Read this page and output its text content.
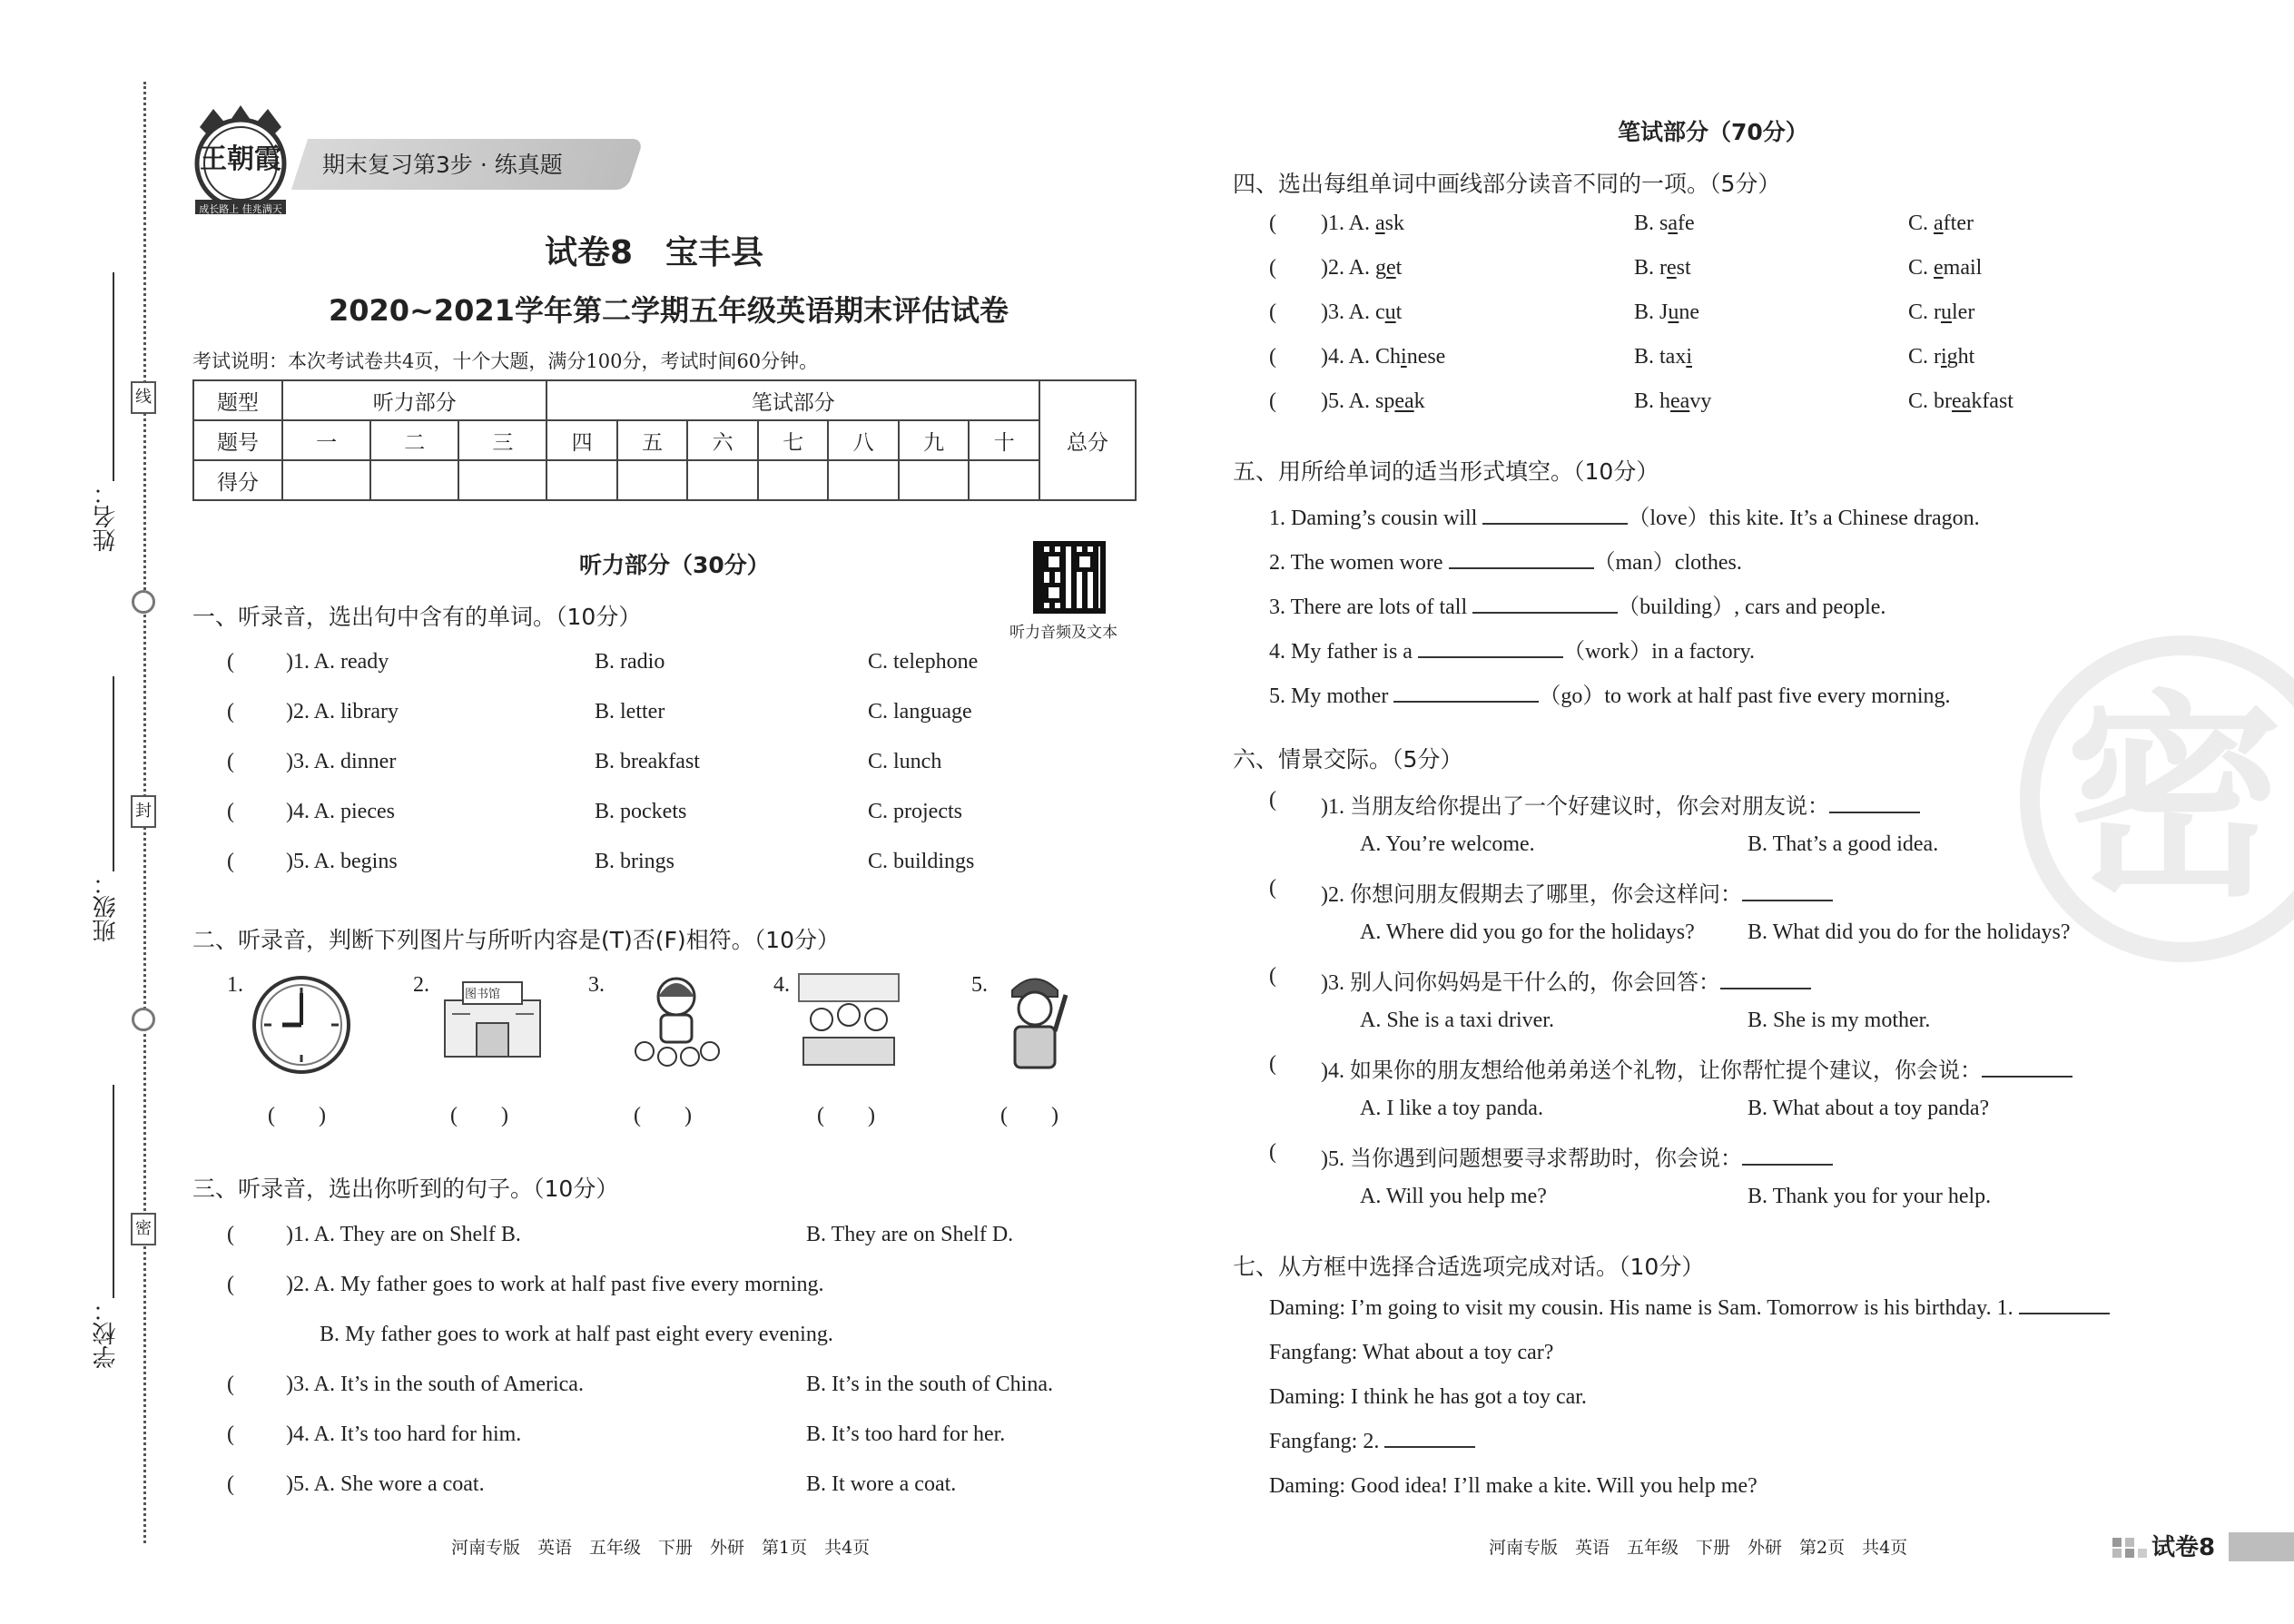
线
封
密
姓名：
班级：
学校：
王朝霞
成长路上 佳兆满天
期末复习第3步 · 练真题
试卷8　宝丰县
2020~2021学年第二学期五年级英语期末评估试卷
考试说明：本次考试卷共4页，十个大题，满分100分，考试时间60分钟。
题型	听力部分			笔试部分							总分
题号	一	二	三	四	五	六	七	八	九	十	
得分											
听力部分（30分）
听力音频及文本
一、听录音，选出句中含有的单词。（10分）
( )1. A. ready	B. radio	C. telephone
( )2. A. library	B. letter	C. language
( )3. A. dinner	B. breakfast	C. lunch
( )4. A. pieces	B. pockets	C. projects
( )5. A. begins	B. brings	C. buildings
二、听录音，判断下列图片与所听内容是(T)否(F)相符。（10分）
1.	2.	图书馆	3.	4.	5.
(　　)	(　　)	(　　)	(　　)	(　　)
三、听录音，选出你听到的句子。（10分）
( )1. A. They are on Shelf B.	B. They are on Shelf D.
( )2. A. My father goes to work at half past five every morning.
B. My father goes to work at half past eight every evening.
( )3. A. It’s in the south of America.	B. It’s in the south of China.
( )4. A. It’s too hard for him.	B. It’s too hard for her.
( )5. A. She wore a coat.	B. It wore a coat.
河南专版　英语　五年级　下册　外研　第1页　共4页
密
笔试部分（70分）
四、选出每组单词中画线部分读音不同的一项。（5分）
( )1. A. ask	B. safe	C. after
( )2. A. get	B. rest	C. email
( )3. A. cut	B. June	C. ruler
( )4. A. Chinese	B. taxi	C. right
( )5. A. speak	B. heavy	C. breakfast
五、用所给单词的适当形式填空。（10分）
1. Daming’s cousin will	（love）this kite. It’s a Chinese dragon.
2. The women wore	（man）clothes.
3. There are lots of tall	（building）, cars and people.
4. My father is a	（work）in a factory.
5. My mother	（go）to work at half past five every morning.
六、情景交际。（5分）
( )1. 当朋友给你提出了一个好建议时，你会对朋友说：
A. You’re welcome.	B. That’s a good idea.
( )2. 你想问朋友假期去了哪里，你会这样问：
A. Where did you go for the holidays? B. What did you do for the holidays?
( )3. 别人问你妈妈是干什么的，你会回答：
A. She is a taxi driver.	B. She is my mother.
( )4. 如果你的朋友想给他弟弟送个礼物，让你帮忙提个建议，你会说：
A. I like a toy panda.	B. What about a toy panda?
( )5. 当你遇到问题想要寻求帮助时，你会说：
A. Will you help me?	B. Thank you for your help.
七、从方框中选择合适选项完成对话。（10分）
Daming: I’m going to visit my cousin. His name is Sam. Tomorrow is his birthday. 1.
Fangfang: What about a toy car?
Daming: I think he has got a toy car.
Fangfang: 2.
Daming: Good idea! I’ll make a kite. Will you help me?
河南专版　英语　五年级　下册　外研　第2页　共4页	试卷8
